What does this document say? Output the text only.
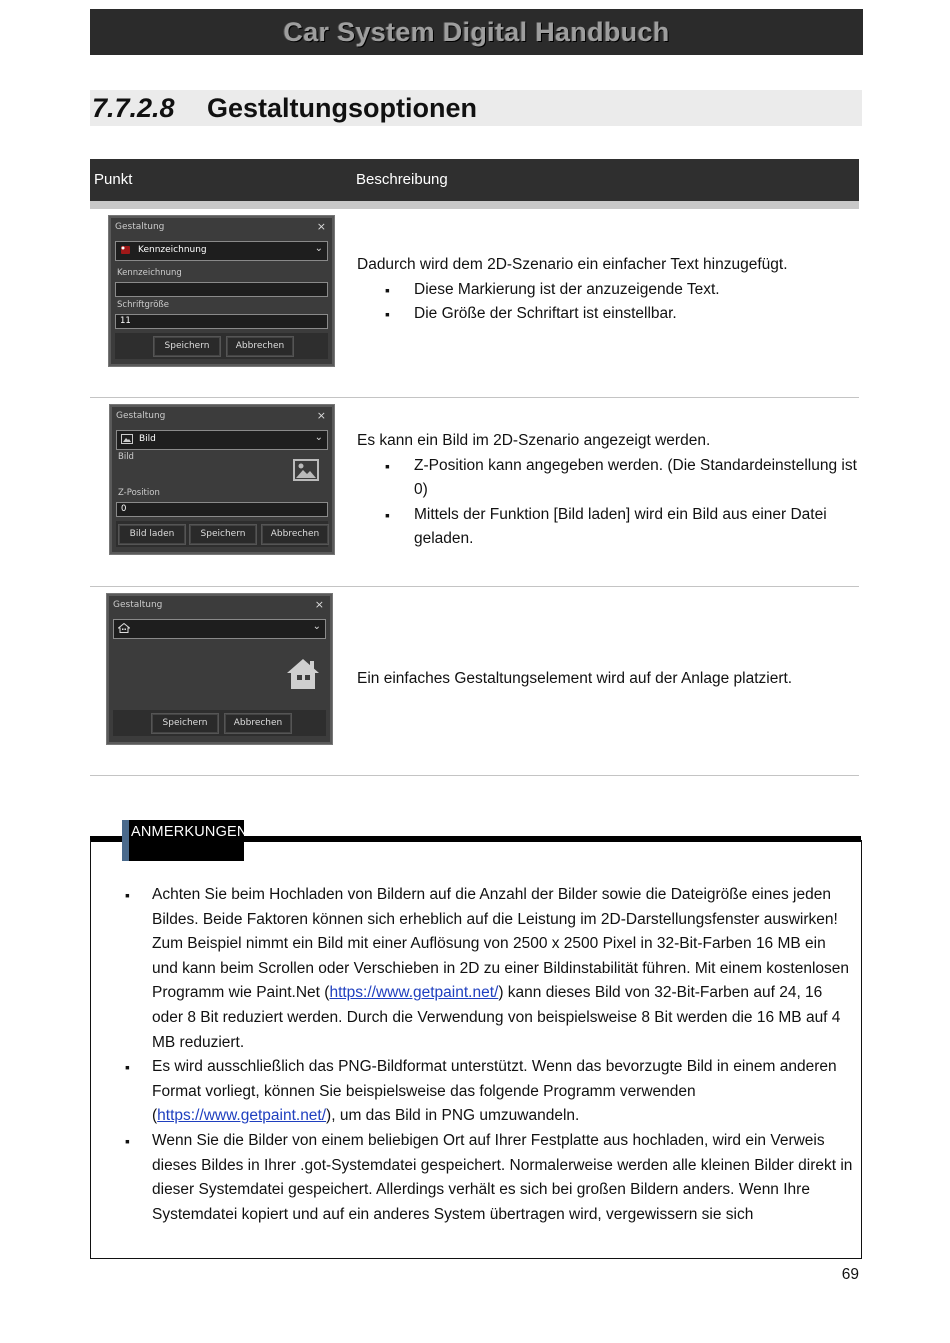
Car System Digital Handbuch
7.7.2.8	Gestaltungsoptionen
Punkt	Beschreibung
Gestaltung	×
Kennzeichnung	⌄
Kennzeichnung
Schriftgröße
11
Speichern	Abbrechen
Dadurch wird dem 2D-Szenario ein einfacher Text hinzugefügt.
▪ Diese Markierung ist der anzuzeigende Text.
▪ Die Größe der Schriftart ist einstellbar.
Gestaltung	×
Bild	⌄
Bild
Z-Position
0
Bild laden	Speichern	Abbrechen
Es kann ein Bild im 2D-Szenario angezeigt werden.
▪ Z-Position kann angegeben werden. (Die Standardeinstellung ist 0)
▪ Mittels der Funktion [Bild laden] wird ein Bild aus einer Datei geladen.
Gestaltung	×
⌄
Speichern	Abbrechen
Ein einfaches Gestaltungselement wird auf der Anlage platziert.
ANMERKUNGEN
▪ Achten Sie beim Hochladen von Bildern auf die Anzahl der Bilder sowie die Dateigröße eines jeden Bildes. Beide Faktoren können sich erheblich auf die Leistung im 2D-Darstellungsfenster auswirken!
Zum Beispiel nimmt ein Bild mit einer Auflösung von 2500 x 2500 Pixel in 32-Bit-Farben 16 MB ein und kann beim Scrollen oder Verschieben in 2D zu einer Bildinstabilität führen. Mit einem kostenlosen Programm wie Paint.Net (https://www.getpaint.net/) kann dieses Bild von 32-Bit-Farben auf 24, 16 oder 8 Bit reduziert werden. Durch die Verwendung von beispielsweise 8 Bit werden die 16 MB auf 4 MB reduziert.
▪ Es wird ausschließlich das PNG-Bildformat unterstützt. Wenn das bevorzugte Bild in einem anderen Format vorliegt, können Sie beispielsweise das folgende Programm verwenden (https://www.getpaint.net/), um das Bild in PNG umzuwandeln.
▪ Wenn Sie die Bilder von einem beliebigen Ort auf Ihrer Festplatte aus hochladen, wird ein Verweis dieses Bildes in Ihrer .got-Systemdatei gespeichert. Normalerweise werden alle kleinen Bilder direkt in dieser Systemdatei gespeichert. Allerdings verhält es sich bei großen Bildern anders. Wenn Ihre Systemdatei kopiert und auf ein anderes System übertragen wird, vergewissern sie sich
69
